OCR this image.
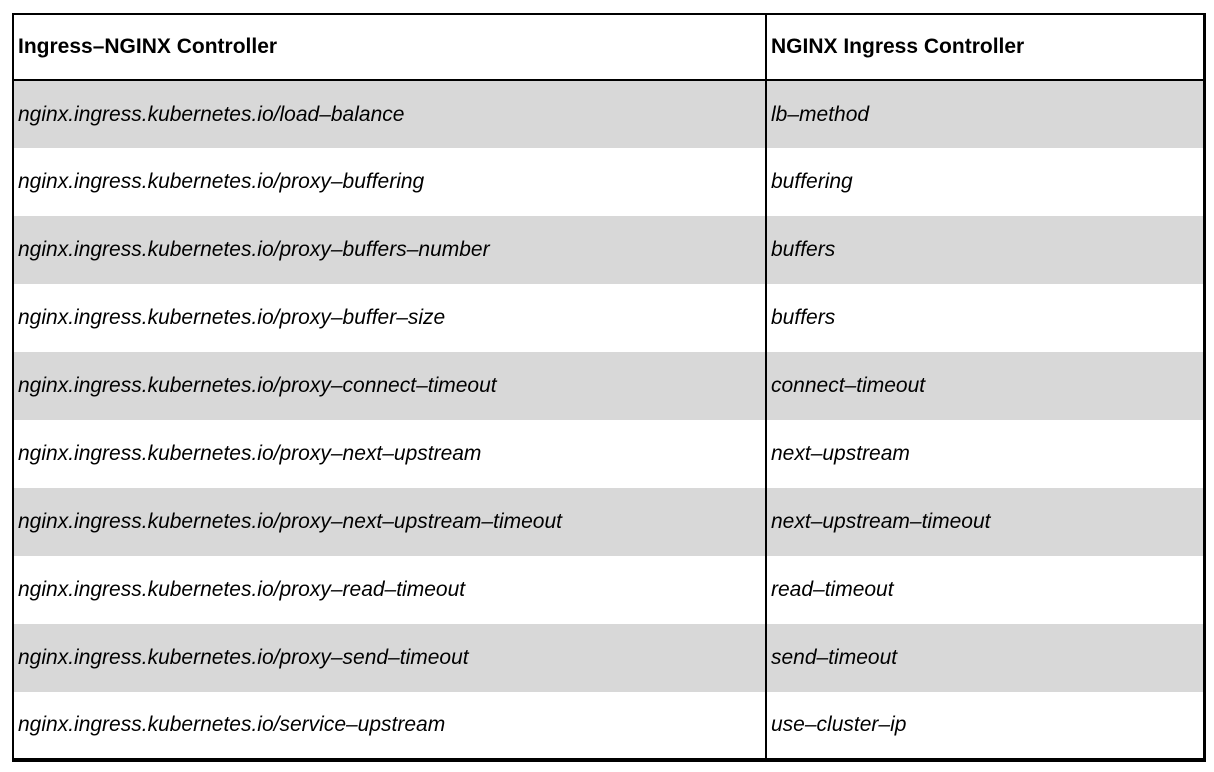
Ingress–NGINX Controller	NGINX Ingress Controller
nginx.ingress.kubernetes.io/load–balance	lb–method
nginx.ingress.kubernetes.io/proxy–buffering	buffering
nginx.ingress.kubernetes.io/proxy–buffers–number	buffers
nginx.ingress.kubernetes.io/proxy–buffer–size	buffers
nginx.ingress.kubernetes.io/proxy–connect–timeout	connect–timeout
nginx.ingress.kubernetes.io/proxy–next–upstream	next–upstream
nginx.ingress.kubernetes.io/proxy–next–upstream–timeout	next–upstream–timeout
nginx.ingress.kubernetes.io/proxy–read–timeout	read–timeout
nginx.ingress.kubernetes.io/proxy–send–timeout	send–timeout
nginx.ingress.kubernetes.io/service–upstream	use–cluster–ip
